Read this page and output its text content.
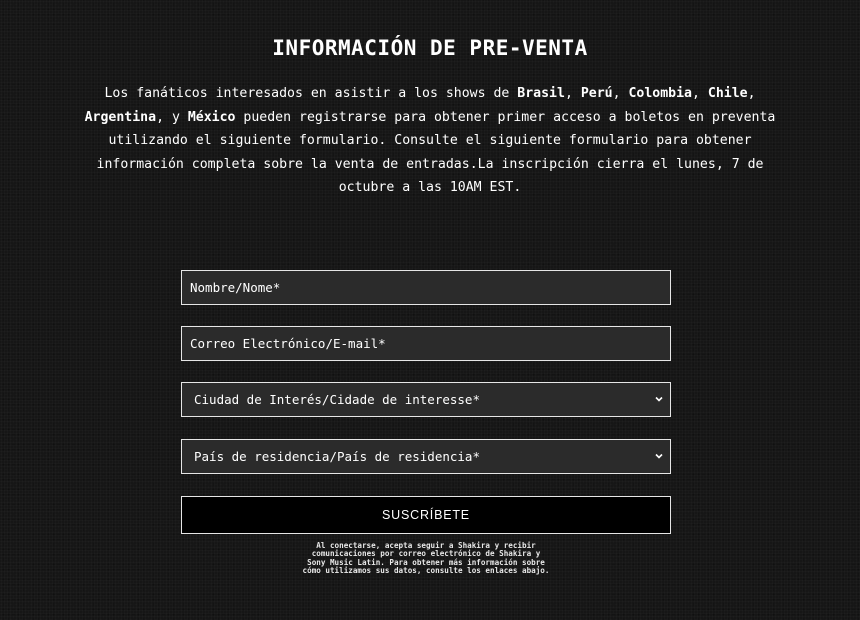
INFORMACIÓN DE PRE-VENTA

Los fanáticos interesados en asistir a los shows de Brasil, Perú, Colombia, Chile, Argentina, y México pueden registrarse para obtener primer acceso a boletos en preventa utilizando el siguiente formulario. Consulte el siguiente formulario para obtener información completa sobre la venta de entradas.La inscripción cierra el lunes, 7 de octubre a las 10AM EST.

Nombre/Nome*
Correo Electrónico/E-mail*
Ciudad de Interés/Cidade de interesse*
País de residencia/País de residencia*
SUSCRÍBETE

Al conectarse, acepta seguir a Shakira y recibir comunicaciones por correo electrónico de Shakira y Sony Music Latin. Para obtener más información sobre cómo utilizamos sus datos, consulte los enlaces abajo.
